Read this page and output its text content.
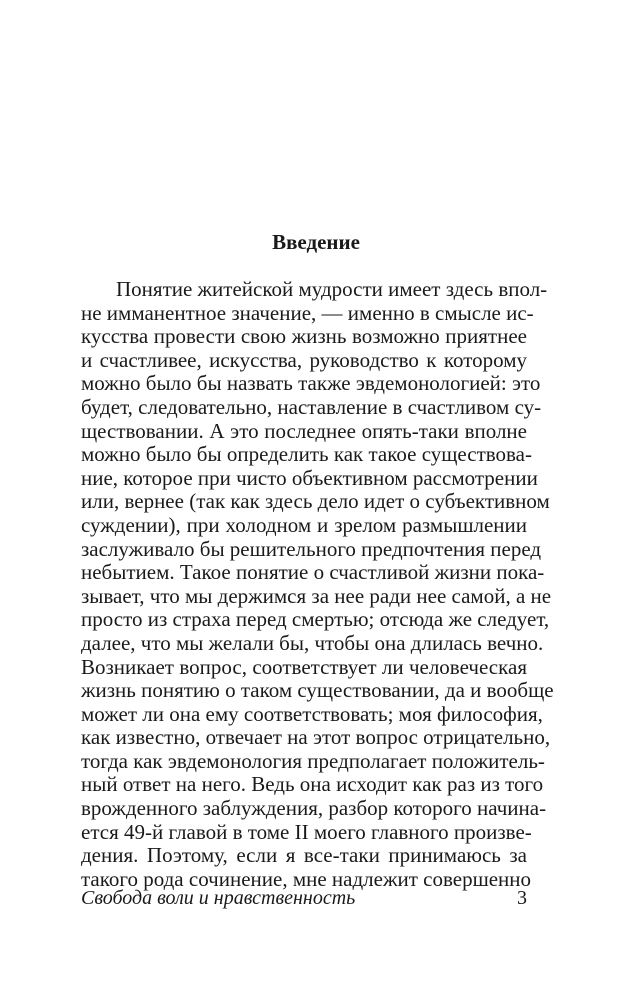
Введение
Понятие житейской мудрости имеет здесь впол-
не имманентное значение, — именно в смысле ис-
кусства провести свою жизнь возможно приятнее
и счастливее, искусства, руководство к которому
можно было бы назвать также эвдемонологией: это
будет, следовательно, наставление в счастливом су-
ществовании. А это последнее опять-таки вполне
можно было бы определить как такое существова-
ние, которое при чисто объективном рассмотрении
или, вернее (так как здесь дело идет о субъективном
суждении), при холодном и зрелом размышлении
заслуживало бы решительного предпочтения перед
небытием. Такое понятие о счастливой жизни пока-
зывает, что мы держимся за нее ради нее самой, а не
просто из страха перед смертью; отсюда же следует,
далее, что мы желали бы, чтобы она длилась вечно.
Возникает вопрос, соответствует ли человеческая
жизнь понятию о таком существовании, да и вообще
может ли она ему соответствовать; моя философия,
как известно, отвечает на этот вопрос отрицательно,
тогда как эвдемонология предполагает положитель-
ный ответ на него. Ведь она исходит как раз из того
врожденного заблуждения, разбор которого начина-
ется 49-й главой в томе II моего главного произве-
дения. Поэтому, если я все-таки принимаюсь за
такого рода сочинение, мне надлежит совершенно
Свобода воли и нравственность	3
